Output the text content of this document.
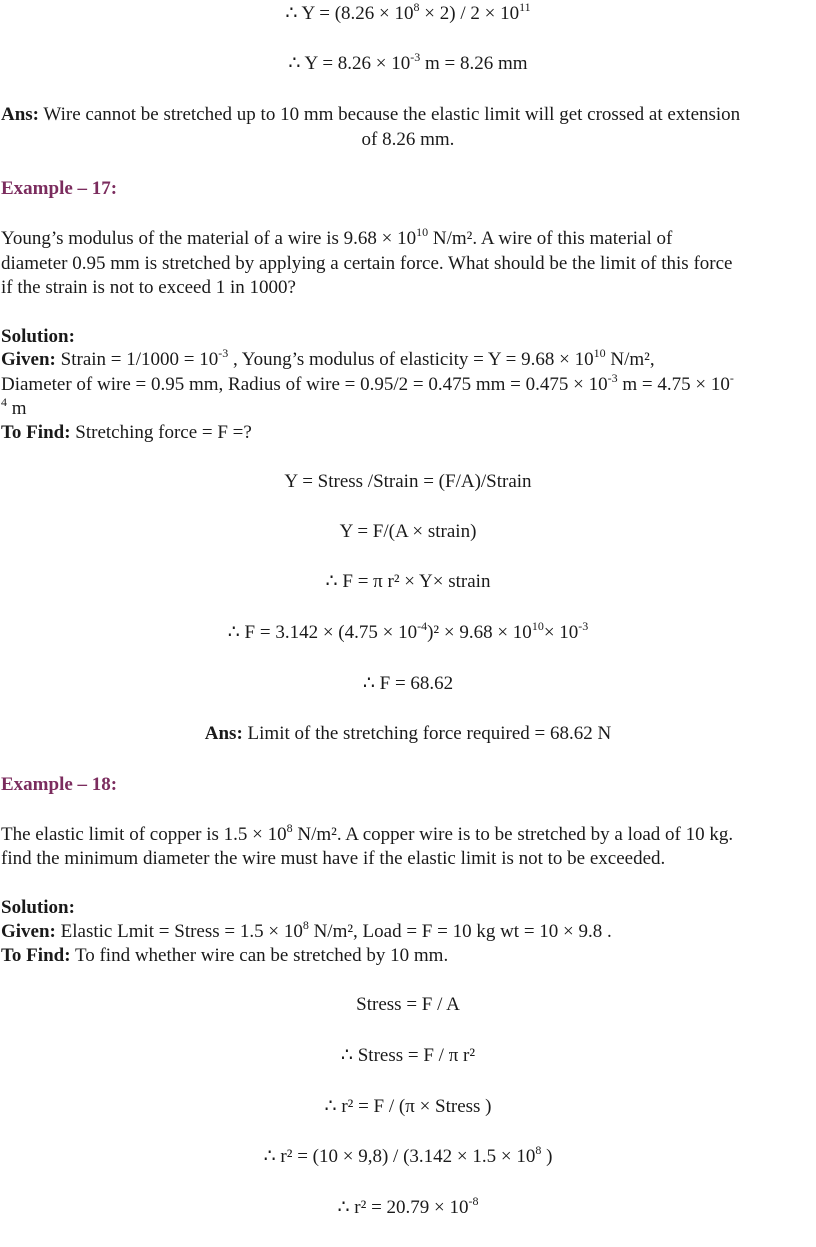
∴ $Y = (8.26 \times 10^8 \times 2) / 2 \times 10^{11}$
∴ $Y = 8.26 \times 10^{-3}$ m = 8.26 mm
Ans: Wire cannot be stretched up to 10 mm because the elastic limit will get crossed at extension
of 8.26 mm.
Example – 17:
Young’s modulus of the material of a wire is $9.68 \times 10^{10}$ N/m². A wire of this material of
diameter 0.95 mm is stretched by applying a certain force. What should be the limit of this force
if the strain is not to exceed 1 in 1000?
Solution:
Given: Strain = $1/1000 = 10^{-3}$ , Young’s modulus of elasticity = $Y = 9.68 \times 10^{10}$ N/m²,
Diameter of wire = 0.95 mm, Radius of wire = 0.95/2 = 0.475 mm = $0.475 \times 10^{-3}$ m = 4.75 × 10-
$^4$ m
To Find: Stretching force = F =?
Y = Stress /Strain = (F/A)/Strain
Y = F/(A × strain)
∴ F = π r² × Y× strain
∴ $F = 3.142 \times (4.75 \times 10^{-4})^2 \times 9.68 \times 10^{10}\times 10^{-3}$
∴ F = 68.62
Ans: Limit of the stretching force required = 68.62 N
Example – 18:
The elastic limit of copper is $1.5 \times 10^8$ N/m². A copper wire is to be stretched by a load of 10 kg.
find the minimum diameter the wire must have if the elastic limit is not to be exceeded.
Solution:
Given: Elastic Lmit = Stress = $1.5 \times 10^8$ N/m², Load = F = 10 kg wt = 10 × 9.8 .
To Find: To find whether wire can be stretched by 10 mm.
Stress = F / A
∴ Stress = F / π r²
∴ r² = F / (π × Stress )
∴ $r^2 = (10 \times 9,8) / (3.142 \times 1.5 \times 10^8$ )
∴ $r^2 = 20.79 \times 10^{-8}$
